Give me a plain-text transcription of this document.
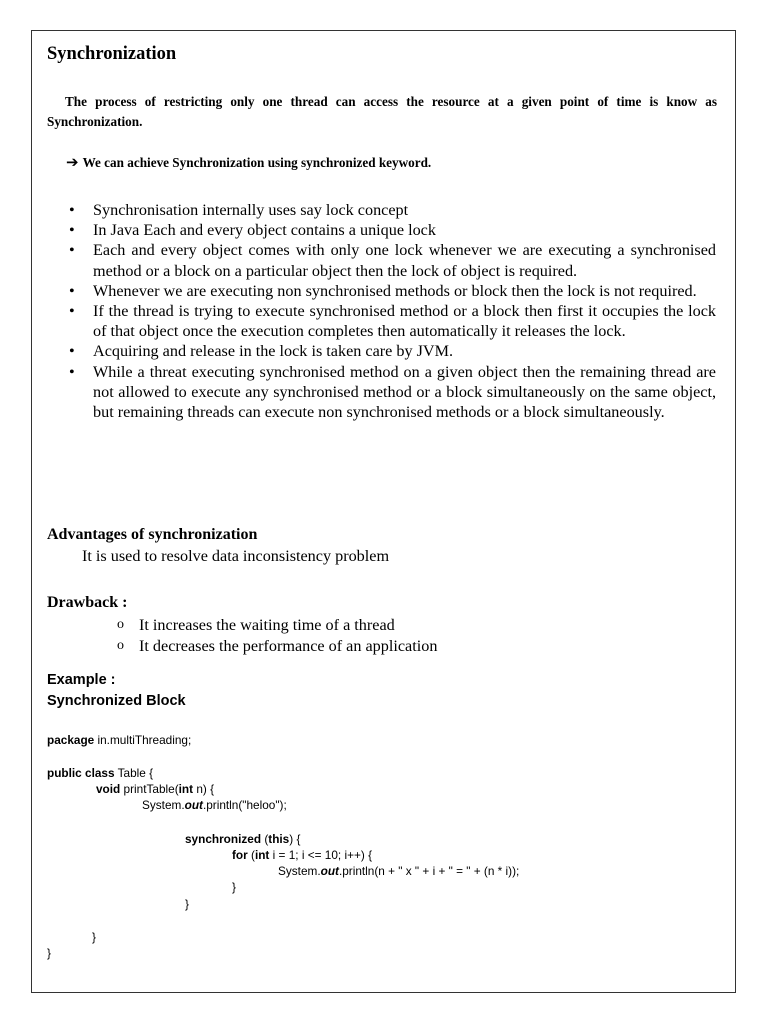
Synchronization
The process of restricting only one thread can access the resource at a given point of time is know as Synchronization.
➔ We can achieve Synchronization using synchronized keyword.
• Synchronisation internally uses say lock concept
• In Java Each and every object contains a unique lock
• Each and every object comes with only one lock whenever we are executing a synchronised method or a block on a particular object then the lock of object is required.
• Whenever we are executing non synchronised methods or block then the lock is not required.
• If the thread is trying to execute synchronised method or a block then first it occupies the lock of that object once the execution completes then automatically it releases the lock.
• Acquiring and release in the lock is taken care by JVM.
• While a threat executing synchronised method on a given object then the remaining thread are not allowed to execute any synchronised method or a block simultaneously on the same object, but remaining threads can execute non synchronised methods or a block simultaneously.
Advantages of synchronization
It is used to resolve data inconsistency problem
Drawback :
o It increases the waiting time of a thread
o It decreases the performance of an application
Example :
Synchronized Block
package in.multiThreading;
public class Table {
void printTable(int n) {
System.out.println("heloo");
synchronized (this) {
for (int i = 1; i <= 10; i++) {
System.out.println(n + " x " + i + " = " + (n * i));
}
}
}
}
